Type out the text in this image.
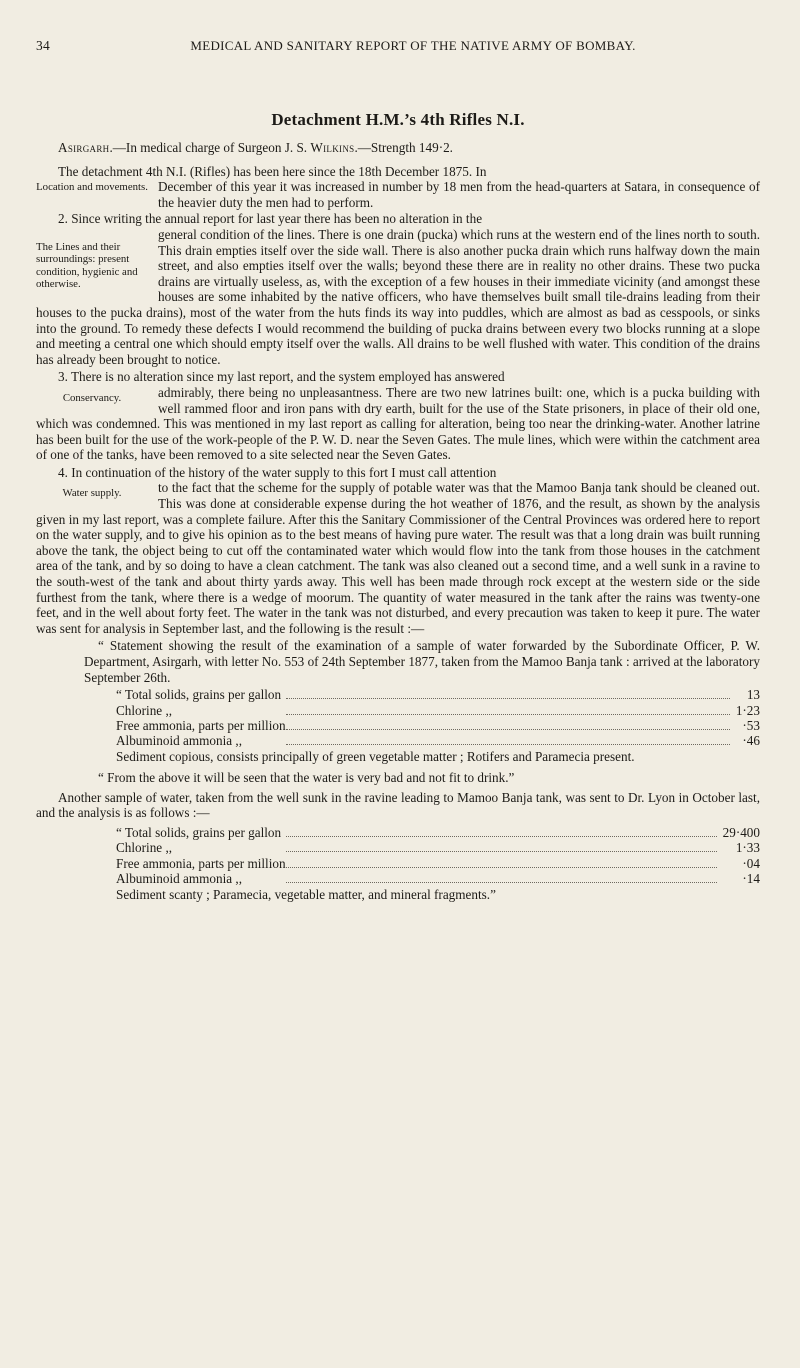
34	MEDICAL AND SANITARY REPORT OF THE NATIVE ARMY OF BOMBAY.
Detachment H.M.’s 4th Rifles N.I.

Asirgarh.—In medical charge of Surgeon J. S. Wilkins.—Strength 149·2.

The detachment 4th N.I. (Rifles) has been here since the 18th December 1875. In

Location and movements. December of this year it was increased in number by 18 men from the head-quarters at Satara, in consequence of the heavier duty the men had to perform.

2. Since writing the annual report for last year there has been no alteration in the

The Lines and their surroundings: present condition, hygienic and otherwise.
general condition of the lines. There is one drain (pucka) which runs at the western end of the lines north to south. This drain empties itself over the side wall. There is also another pucka drain which runs halfway down the main street, and also empties itself over the walls; beyond these there are in reality no other drains. These two pucka drains are virtually useless, as, with the exception of a few houses in their immediate vicinity (and amongst these houses are some inhabited by the native officers, who have themselves built small tile-drains leading from their houses to the pucka drains), most of the water from the huts finds its way into puddles, which are almost as bad as cesspools, or sinks into the ground. To remedy these defects I would recommend the building of pucka drains between every two blocks running at a slope and meeting a central one which should empty itself over the walls. All drains to be well flushed with water. This condition of the drains has already been brought to notice.

3. There is no alteration since my last report, and the system employed has answered

Conservancy.	admirably, there being no unpleasantness. There are two new latrines built: one, which is a pucka building with well rammed floor and iron pans with dry earth, built for the use of the State prisoners, in place of their old one, which was condemned. This was mentioned in my last report as calling for alteration, being too near the drinking-water. Another latrine has been built for the use of the work-people of the P. W. D. near the Seven Gates. The mule lines, which were within the catchment area of one of the tanks, have been removed to a site selected near the Seven Gates.

4. In continuation of the history of the water supply to this fort I must call attention

Water supply.	to the fact that the scheme for the supply of potable water was that the Mamoo Banja tank should be cleaned out. This was done at considerable expense during the hot weather of 1876, and the result, as shown by the analysis given in my last report, was a complete failure. After this the Sanitary Commissioner of the Central Provinces was ordered here to report on the water supply, and to give his opinion as to the best means of having pure water. The result was that a long drain was built running above the tank, the object being to cut off the contaminated water which would flow into the tank from those houses in the catchment area of the tank, and by so doing to have a clean catchment. The tank was also cleaned out a second time, and a well sunk in a ravine to the south-west of the tank and about thirty yards away. This well has been made through rock except at the western side or the side furthest from the tank, where there is a wedge of moorum. The quantity of water measured in the tank after the rains was twenty-one feet, and in the well about forty feet. The water in the tank was not disturbed, and every precaution was taken to keep it pure. The water was sent for analysis in September last, and the following is the result :—

“ Statement showing the result of the examination of a sample of water forwarded by the Subordinate Officer, P. W. Department, Asirgarh, with letter No. 553 of 24th September 1877, taken from the Mamoo Banja tank : arrived at the laboratory September 26th.

“ Total solids, grains per gallon		13
Chlorine ,,		1·23
Free ammonia, parts per million		·53
Albuminoid ammonia ,,		·46

Sediment copious, consists principally of green vegetable matter ; Rotifers and Paramecia present.

“ From the above it will be seen that the water is very bad and not fit to drink.”

Another sample of water, taken from the well sunk in the ravine leading to Mamoo Banja tank, was sent to Dr. Lyon in October last, and the analysis is as follows :—

“ Total solids, grains per gallon		29·400
Chlorine ,,		1·33
Free ammonia, parts per million		·04
Albuminoid ammonia ,,		·14

Sediment scanty ; Paramecia, vegetable matter, and mineral fragments.”
